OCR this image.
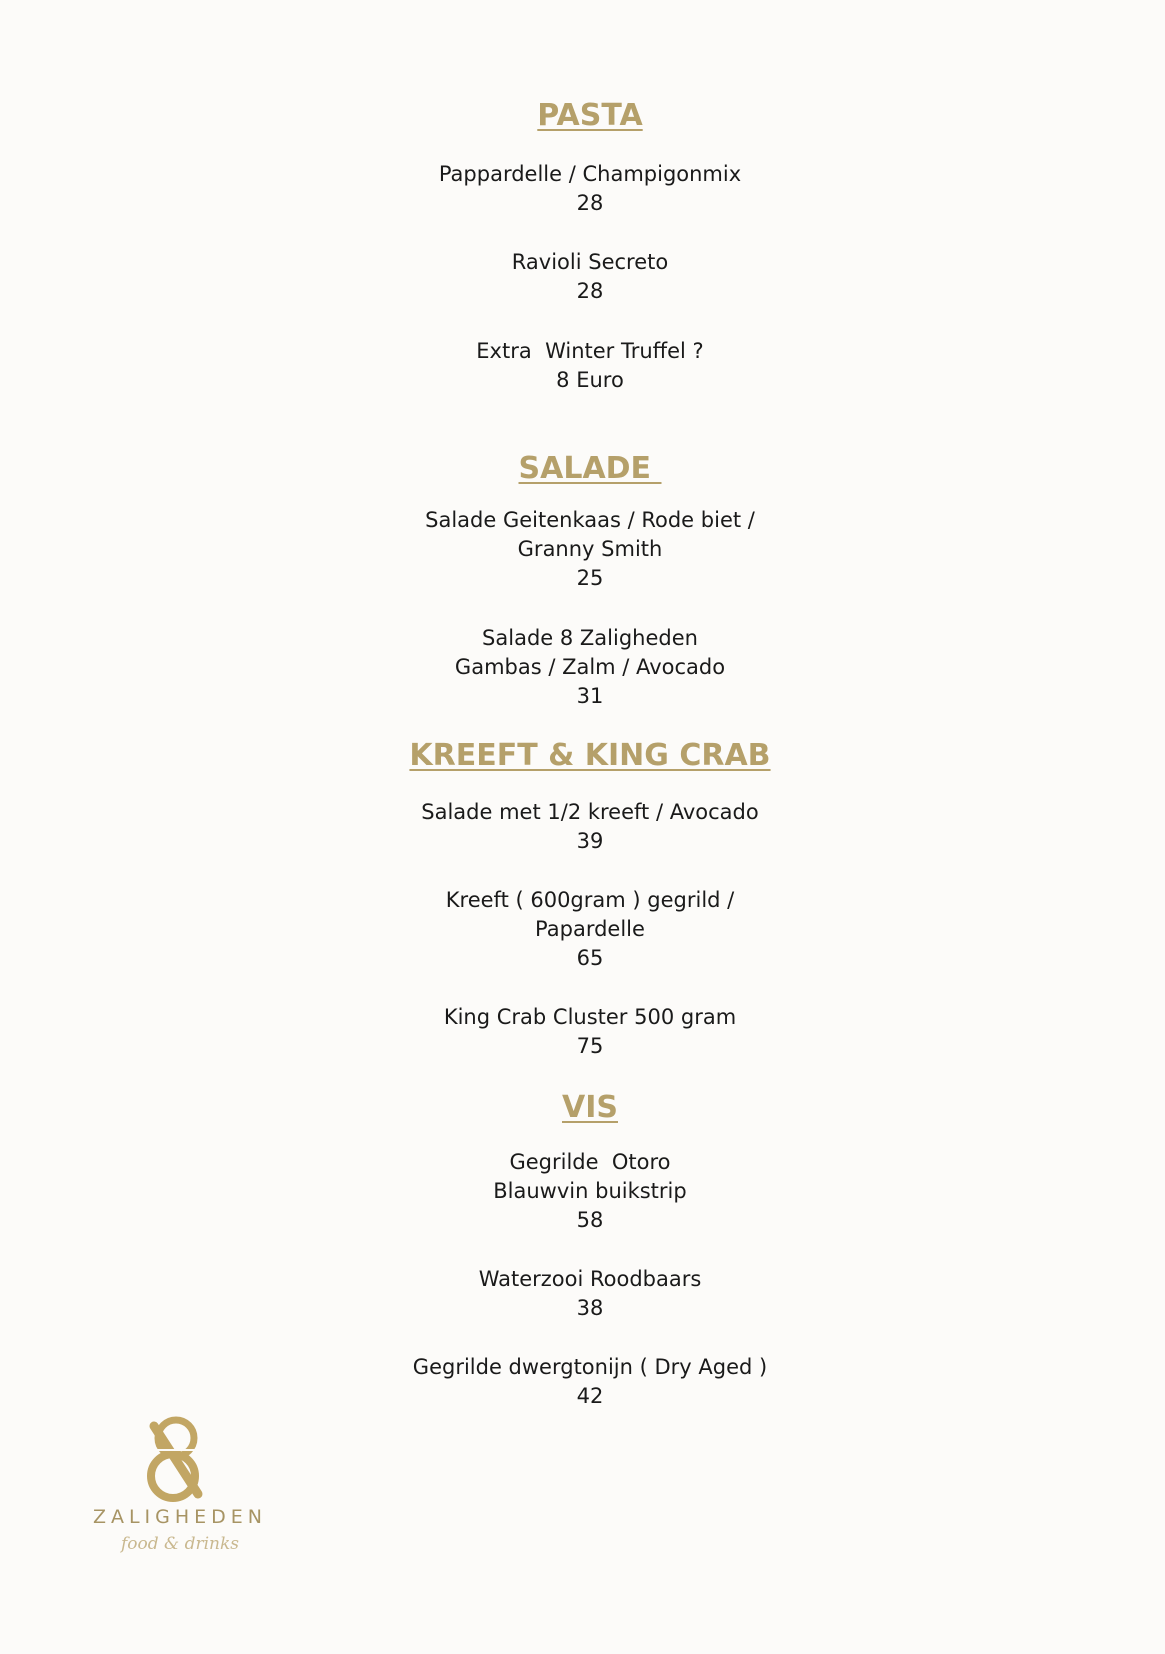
PASTA

Pappardelle / Champigonmix

28

Ravioli Secreto

28

Extra  Winter Truffel ?

8 Euro

SALADE

Salade Geitenkaas / Rode biet /

Granny Smith

25

Salade 8 Zaligheden

Gambas / Zalm / Avocado

31

KREEFT & KING CRAB

Salade met 1/2 kreeft / Avocado

39

Kreeft ( 600gram ) gegrild /

Papardelle

65

King Crab Cluster 500 gram

75

VIS

Gegrilde  Otoro

Blauwvin buikstrip

58

Waterzooi Roodbaars

38

Gegrilde dwergtonijn ( Dry Aged )

42

ZALIGHEDEN
food & drinks
